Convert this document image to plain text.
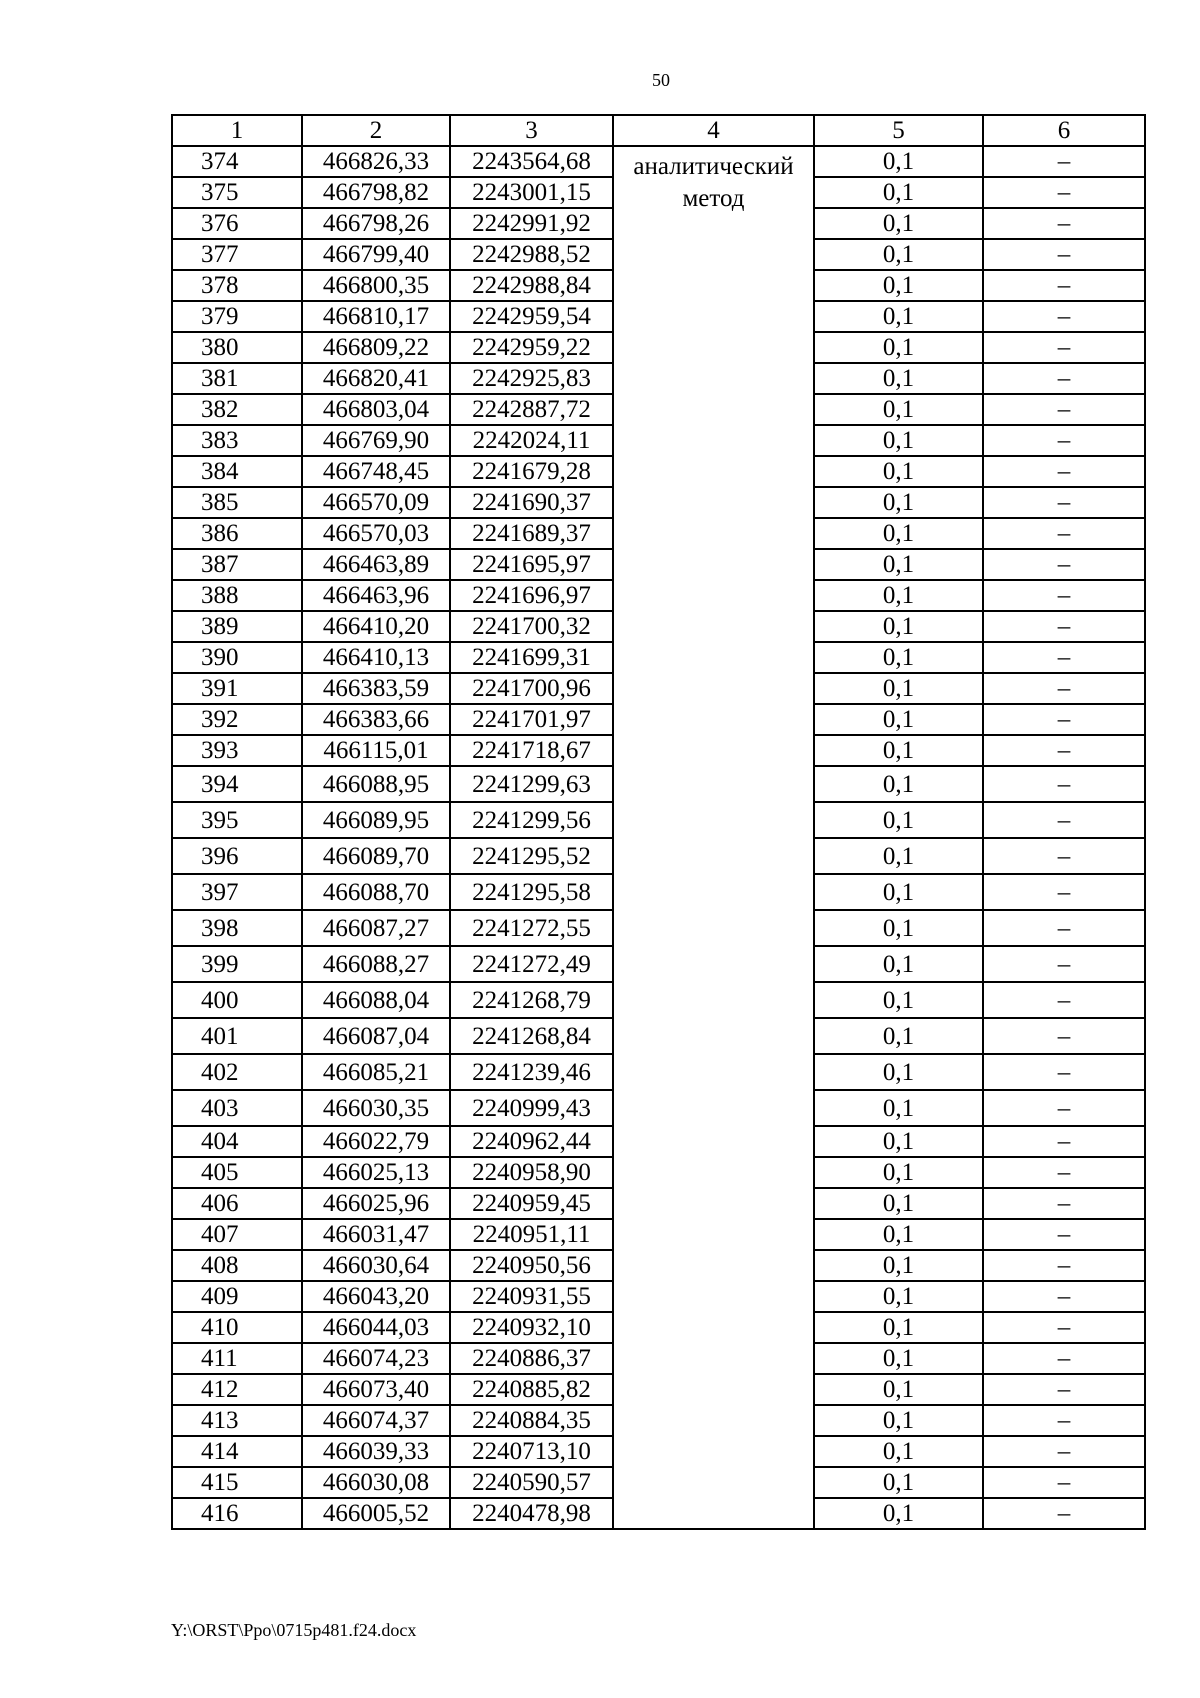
50
1	2	3	4	5	6
374	466826,33	2243564,68	аналитический метод	0,1	–
375	466798,82	2243001,15		0,1	–
376	466798,26	2242991,92		0,1	–
377	466799,40	2242988,52		0,1	–
378	466800,35	2242988,84		0,1	–
379	466810,17	2242959,54		0,1	–
380	466809,22	2242959,22		0,1	–
381	466820,41	2242925,83		0,1	–
382	466803,04	2242887,72		0,1	–
383	466769,90	2242024,11		0,1	–
384	466748,45	2241679,28		0,1	–
385	466570,09	2241690,37		0,1	–
386	466570,03	2241689,37		0,1	–
387	466463,89	2241695,97		0,1	–
388	466463,96	2241696,97		0,1	–
389	466410,20	2241700,32		0,1	–
390	466410,13	2241699,31		0,1	–
391	466383,59	2241700,96		0,1	–
392	466383,66	2241701,97		0,1	–
393	466115,01	2241718,67		0,1	–
394	466088,95	2241299,63		0,1	–
395	466089,95	2241299,56		0,1	–
396	466089,70	2241295,52		0,1	–
397	466088,70	2241295,58		0,1	–
398	466087,27	2241272,55		0,1	–
399	466088,27	2241272,49		0,1	–
400	466088,04	2241268,79		0,1	–
401	466087,04	2241268,84		0,1	–
402	466085,21	2241239,46		0,1	–
403	466030,35	2240999,43		0,1	–
404	466022,79	2240962,44		0,1	–
405	466025,13	2240958,90		0,1	–
406	466025,96	2240959,45		0,1	–
407	466031,47	2240951,11		0,1	–
408	466030,64	2240950,56		0,1	–
409	466043,20	2240931,55		0,1	–
410	466044,03	2240932,10		0,1	–
411	466074,23	2240886,37		0,1	–
412	466073,40	2240885,82		0,1	–
413	466074,37	2240884,35		0,1	–
414	466039,33	2240713,10		0,1	–
415	466030,08	2240590,57		0,1	–
416	466005,52	2240478,98		0,1	–
Y:\ORST\Ppo\0715p481.f24.docx
